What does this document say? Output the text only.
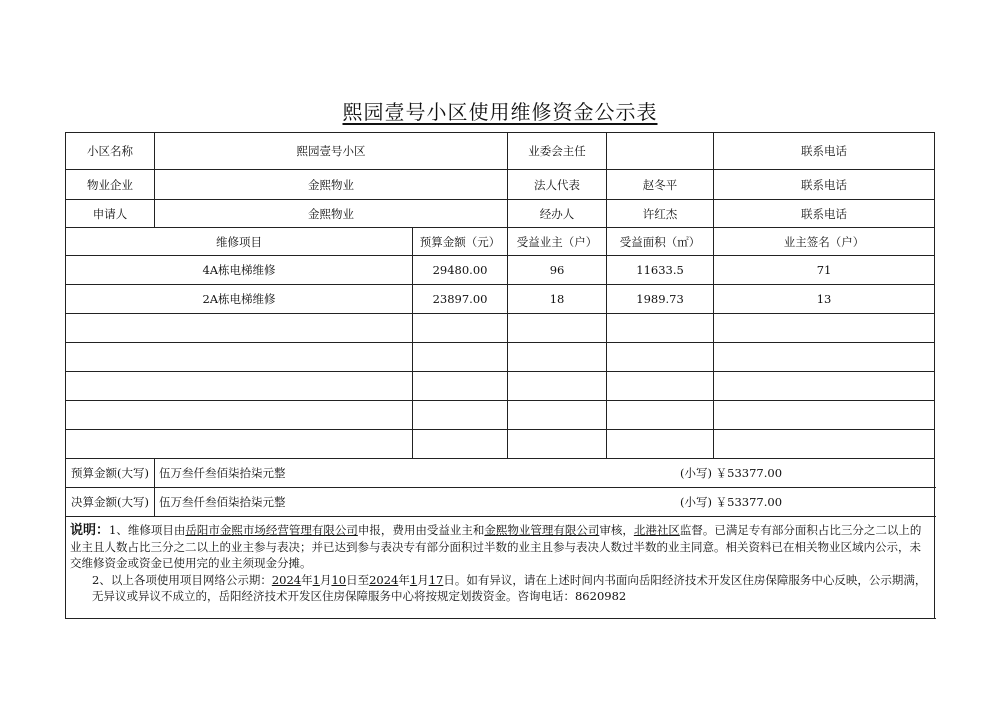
熙园壹号小区使用维修资金公示表
小区名称	熙园壹号小区		业委会主任		联系电话	
物业企业	金熙物业		法人代表	赵冬平	联系电话	
申请人	金熙物业		经办人	许红杰	联系电话	
维修项目		预算金额（元）	受益业主（户）	受益面积（㎡）	业主签名（户）	
4A栋电梯维修		29480.00	96	11633.5	71	
2A栋电梯维修		23897.00	18	1989.73	13	

预算金额(大写)	伍万叁仟叁佰柒拾柒元整 (小写) ￥53377.00					

决算金额(大写)	伍万叁仟叁佰柒拾柒元整 (小写) ￥53377.00					

说明：1、维修项目由岳阳市金熙市场经营管理有限公司申报，费用由受益业主和金熙物业管理有限公司审核，北港社区监督。已满足专有部分面积占比三分之二以上的业主且人数占比三分之二以上的业主参与表决；并已达到参与表决专有部分面积过半数的业主且参与表决人数过半数的业主同意。相关资料已在相关物业区域内公示，未交维修资金或资金已使用完的业主须现金分摊。
2、以上各项使用项目网络公示期：2024年1月10日至2024年1月17日。如有异议，请在上述时间内书面向岳阳经济技术开发区住房保障服务中心反映，公示期满，无异议或异议不成立的，岳阳经济技术开发区住房保障服务中心将按规定划拨资金。咨询电话：8620982						
